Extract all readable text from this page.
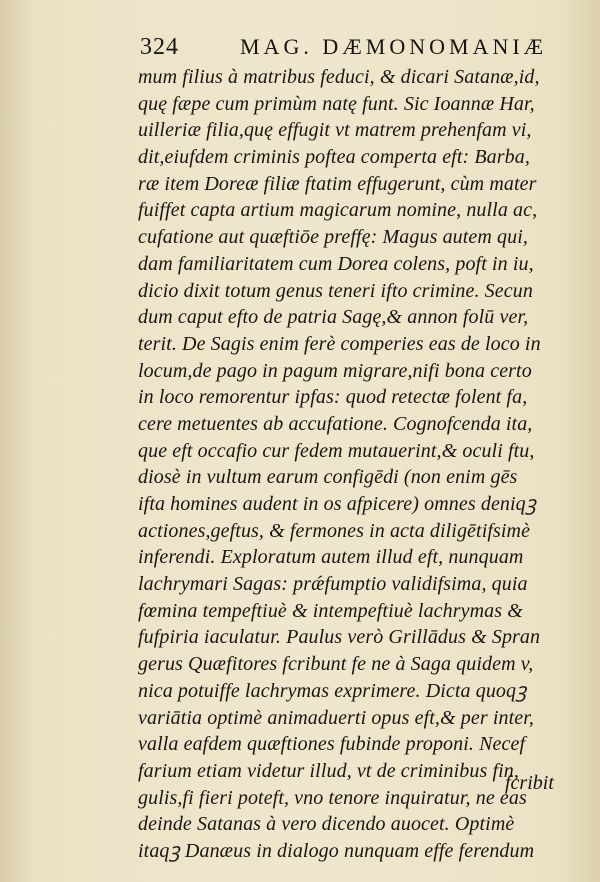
324	MAG. DÆMONOMANIÆ
mum filius à matribus feduci, & dicari Satanæ,id,
quę fæpe cum primùm natę funt. Sic Ioannæ Har,
uilleriæ filia,quę effugit vt matrem prehenfam vi,
dit,eiufdem criminis poftea comperta eft: Barba,
ræ item Doreæ filiæ ftatim effugerunt, cùm mater
fuiffet capta artium magicarum nomine, nulla ac,
cufatione aut quæftiōe preffę: Magus autem qui,
dam familiaritatem cum Dorea colens, poft in iu,
dicio dixit totum genus teneri ifto crimine. Secun
dum caput efto de patria Sagę,& annon folū ver,
terit. De Sagis enim ferè comperies eas de loco in
locum,de pago in pagum migrare,nifi bona certo
in loco remorentur ipfas: quod retectæ folent fa,
cere metuentes ab accufatione. Cognofcenda ita,
que eft occafio cur fedem mutauerint,& oculi ftu,
diosè in vultum earum configēdi (non enim gēs
ifta homines audent in os afpicere) omnes deniqꝫ
actiones,geftus, & fermones in acta diligētifsimè
inferendi. Exploratum autem illud eft, nunquam
lachrymari Sagas: prǽfumptio validifsima, quia
fœmina tempeftiuè & intempeftiuè lachrymas &
fufpiria iaculatur. Paulus verò Grillādus & Spran
gerus Quæfitores fcribunt fe ne à Saga quidem v,
nica potuiffe lachrymas exprimere. Dicta quoqꝫ
variātia optimè animaduerti opus eft,& per inter,
valla eafdem quæftiones fubinde proponi. Necef
farium etiam videtur illud, vt de criminibus fin,
gulis,fi fieri poteft, vno tenore inquiratur, ne eas
deinde Satanas à vero dicendo auocet. Optimè
itaqꝫ Danæus in dialogo nunquam effe ferendum
fcribit
